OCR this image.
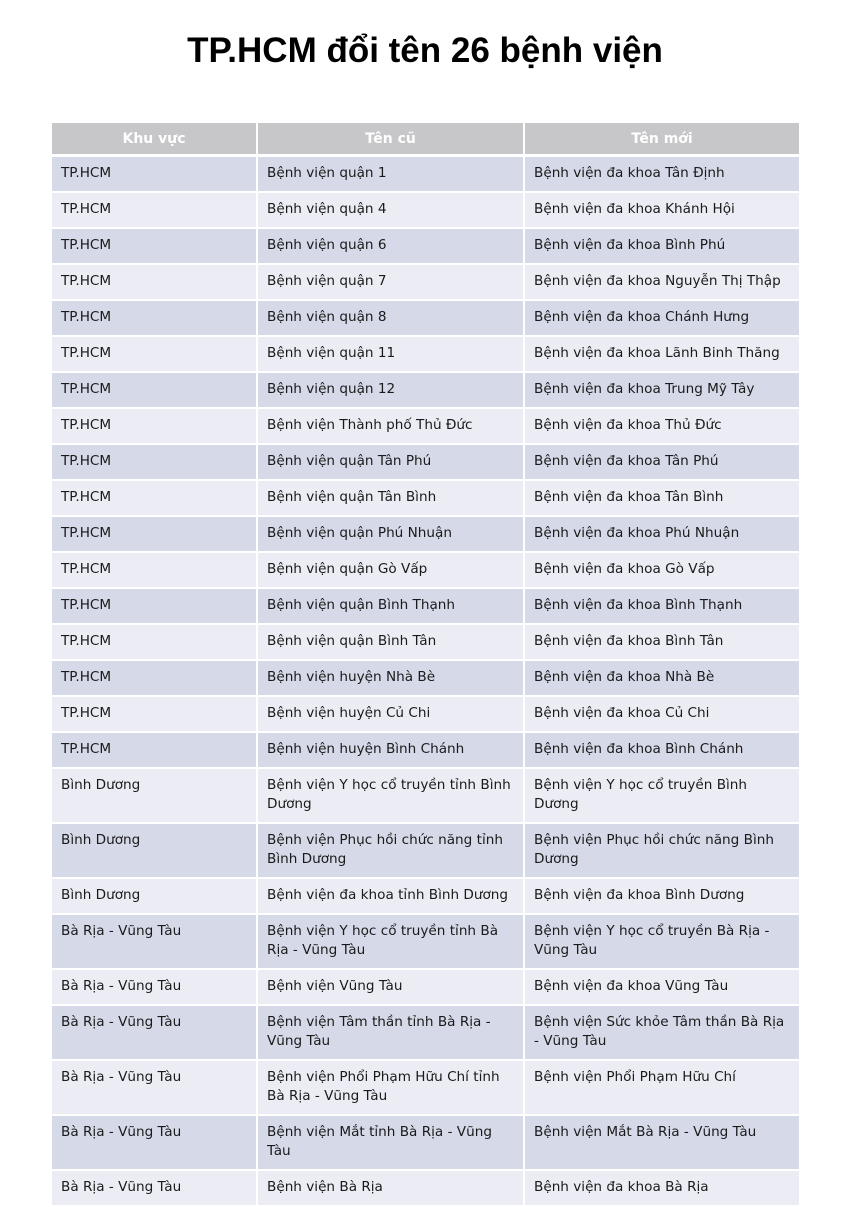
TP.HCM đổi tên 26 bệnh viện
Khu vực	Tên cũ	Tên mới
TP.HCM	Bệnh viện quận 1	Bệnh viện đa khoa Tân Định
TP.HCM	Bệnh viện quận 4	Bệnh viện đa khoa Khánh Hội
TP.HCM	Bệnh viện quận 6	Bệnh viện đa khoa Bình Phú
TP.HCM	Bệnh viện quận 7	Bệnh viện đa khoa Nguyễn Thị Thập
TP.HCM	Bệnh viện quận 8	Bệnh viện đa khoa Chánh Hưng
TP.HCM	Bệnh viện quận 11	Bệnh viện đa khoa Lãnh Binh Thăng
TP.HCM	Bệnh viện quận 12	Bệnh viện đa khoa Trung Mỹ Tây
TP.HCM	Bệnh viện Thành phố Thủ Đức	Bệnh viện đa khoa Thủ Đức
TP.HCM	Bệnh viện quận Tân Phú	Bệnh viện đa khoa Tân Phú
TP.HCM	Bệnh viện quận Tân Bình	Bệnh viện đa khoa Tân Bình
TP.HCM	Bệnh viện quận Phú Nhuận	Bệnh viện đa khoa Phú Nhuận
TP.HCM	Bệnh viện quận Gò Vấp	Bệnh viện đa khoa Gò Vấp
TP.HCM	Bệnh viện quận Bình Thạnh	Bệnh viện đa khoa Bình Thạnh
TP.HCM	Bệnh viện quận Bình Tân	Bệnh viện đa khoa Bình Tân
TP.HCM	Bệnh viện huyện Nhà Bè	Bệnh viện đa khoa Nhà Bè
TP.HCM	Bệnh viện huyện Củ Chi	Bệnh viện đa khoa Củ Chi
TP.HCM	Bệnh viện huyện Bình Chánh	Bệnh viện đa khoa Bình Chánh
Bình Dương	Bệnh viện Y học cổ truyền tỉnh Bình Dương	Bệnh viện Y học cổ truyền Bình Dương
Bình Dương	Bệnh viện Phục hồi chức năng tỉnh Bình Dương	Bệnh viện Phục hồi chức năng Bình Dương
Bình Dương	Bệnh viện đa khoa tỉnh Bình Dương	Bệnh viện đa khoa Bình Dương
Bà Rịa - Vũng Tàu	Bệnh viện Y học cổ truyền tỉnh Bà Rịa - Vũng Tàu	Bệnh viện Y học cổ truyền Bà Rịa - Vũng Tàu
Bà Rịa - Vũng Tàu	Bệnh viện Vũng Tàu	Bệnh viện đa khoa Vũng Tàu
Bà Rịa - Vũng Tàu	Bệnh viện Tâm thần tỉnh Bà Rịa - Vũng Tàu	Bệnh viện Sức khỏe Tâm thần Bà Rịa - Vũng Tàu
Bà Rịa - Vũng Tàu	Bệnh viện Phổi Phạm Hữu Chí tỉnh Bà Rịa - Vũng Tàu	Bệnh viện Phổi Phạm Hữu Chí
Bà Rịa - Vũng Tàu	Bệnh viện Mắt tỉnh Bà Rịa - Vũng Tàu	Bệnh viện Mắt Bà Rịa - Vũng Tàu
Bà Rịa - Vũng Tàu	Bệnh viện Bà Rịa	Bệnh viện đa khoa Bà Rịa
